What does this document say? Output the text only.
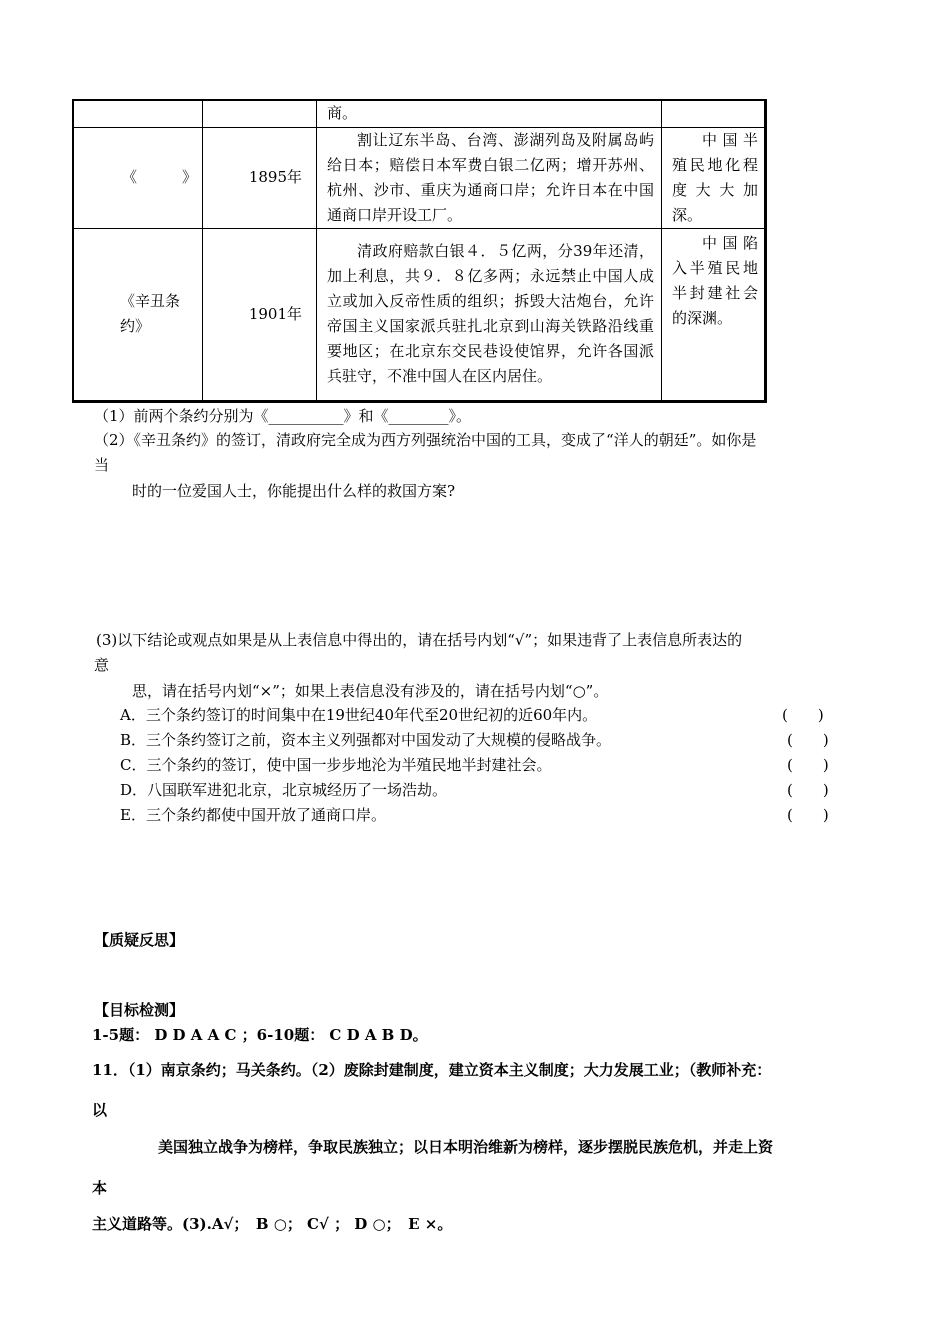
		商。	

《　　　》	1895年	割让辽东半岛、台湾、澎湖列岛及附属岛屿给日本；赔偿日本军费白银二亿两；增开苏州、杭州、沙市、重庆为通商口岸；允许日本在中国通商口岸开设工厂。	中国半殖民地化程度大大加深。

《辛丑条
约》	1901年	清政府赔款白银４．５亿两，分39年还清，加上利息，共９．８亿多两；永远禁止中国人成立或加入反帝性质的组织；拆毁大沽炮台，允许帝国主义国家派兵驻扎北京到山海关铁路沿线重要地区；在北京东交民巷设使馆界，允许各国派兵驻守，不准中国人在区内居住。	中国陷入半殖民地半封建社会的深渊。
（1）前两个条约分别为《__________》和《________》。
（2）《辛丑条约》的签订，清政府完全成为西方列强统治中国的工具，变成了“洋人的朝廷”。如你是
当
时的一位爱国人士，你能提出什么样的救国方案?
(3)以下结论或观点如果是从上表信息中得出的，请在括号内划“√”；如果违背了上表信息所表达的
意
思，请在括号内划“×”；如果上表信息没有涉及的，请在括号内划“○”。
A．三个条约签订的时间集中在19世纪40年代至20世纪初的近60年内。	(　　)
B．三个条约签订之前，资本主义列强都对中国发动了大规模的侵略战争。	(　　)
C．三个条约的签订，使中国一步步地沦为半殖民地半封建社会。	(　　)
D．八国联军进犯北京，北京城经历了一场浩劫。	(　　)
E．三个条约都使中国开放了通商口岸。	(　　)
【质疑反思】
【目标检测】
1-5题： D D A A C ；6-10题： C D A B D。
11．（1）南京条约；马关条约。（2）废除封建制度，建立资本主义制度；大力发展工业；（教师补充：
以
美国独立战争为榜样，争取民族独立；以日本明治维新为榜样，逐步摆脱民族危机，并走上资
本
主义道路等。(3).A√；　B ○； C√ ； D ○；　E ×。
